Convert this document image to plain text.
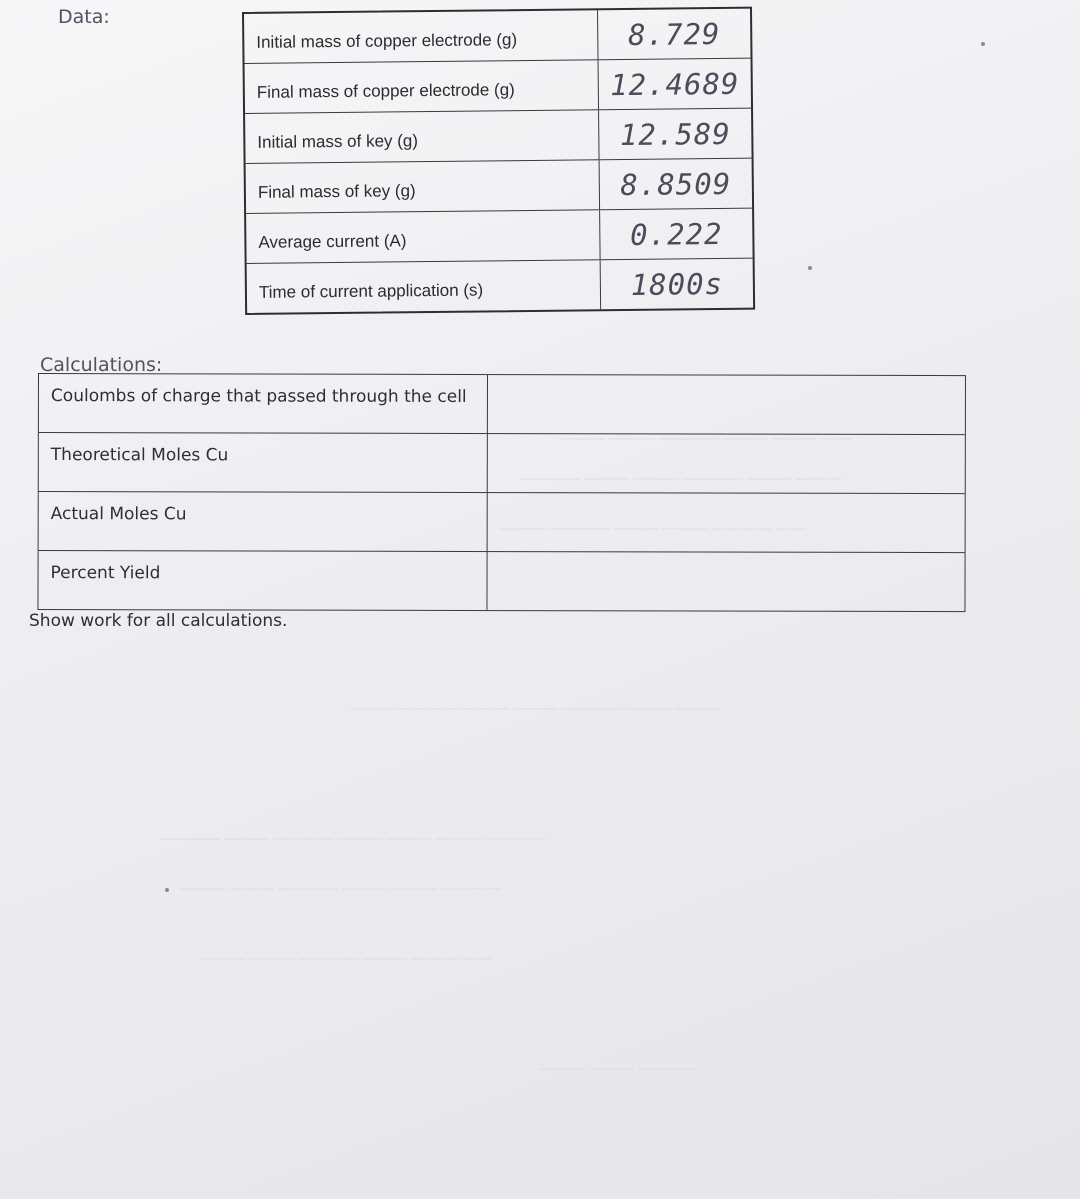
——— ——— ———— ——— ——— ——
———— ——— ——— ———— ——— ———
——— ———— ——— ——— ———— ——
——— ———— ——— ——— ———— ——— ———
———— ——— ———— ——— ——— ——— ————
——— ——— ———— ——— ——— ————
——— ——— ———— ——— ——— ——
——— ——— ————
Data:
Initial mass of copper electrode (g)	8.729
Final mass of copper electrode (g)	12.4689
Initial mass of key (g)	12.589
Final mass of key (g)	8.8509
Average current (A)	0.222
Time of current application (s)	1800s
Calculations:
Coulombs of charge that passed through the cell
Theoretical Moles Cu
Actual Moles Cu
Percent Yield
Show work for all calculations.
